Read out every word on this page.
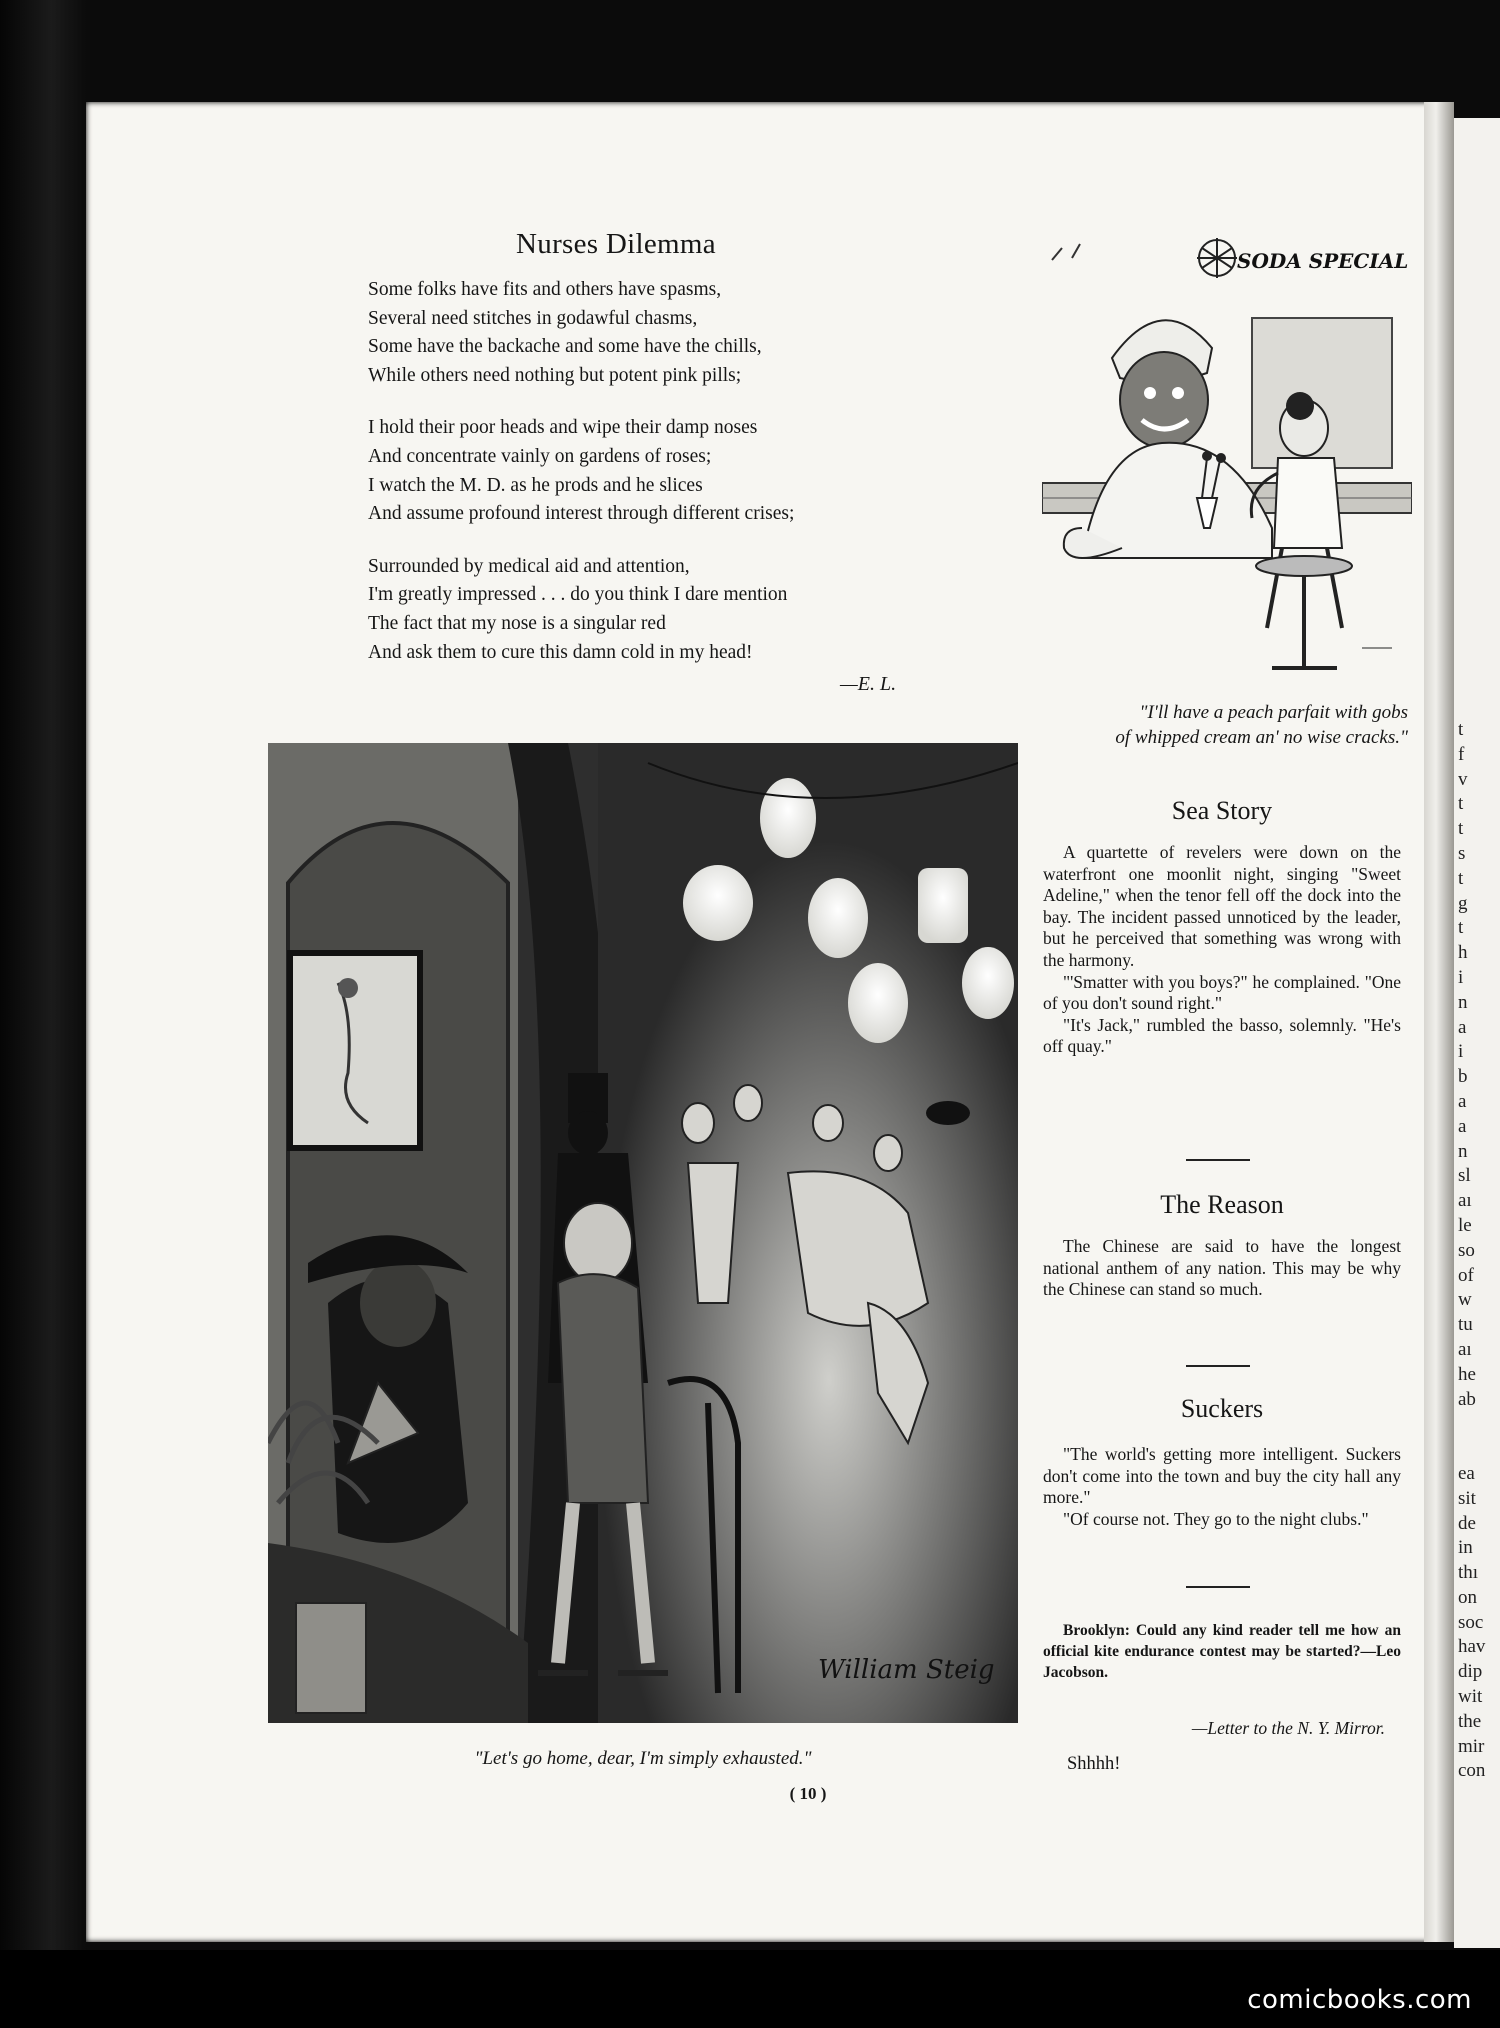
t
f
v
t
t
s
t
g
t
h
i
n
a
i
b
a
a
n
sl
aı
le
so
of
w
tu
aı
he
ab
ea
sit
de
in
thı
on
soc
hav
dip
wit
the
mir
con
Nurses Dilemma
Some folks have fits and others have spasms,
Several need stitches in godawful chasms,
Some have the backache and some have the chills,
While others need nothing but potent pink pills;
I hold their poor heads and wipe their damp noses
And concentrate vainly on gardens of roses;
I watch the M. D. as he prods and he slices
And assume profound interest through different crises;
Surrounded by medical aid and attention,
I'm greatly impressed . . . do you think I dare mention
The fact that my nose is a singular red
And ask them to cure this damn cold in my head!
—E. L.
SODA SPECIAL
"I'll have a peach parfait with gobs
of whipped cream an' no wise cracks."
William Steig
"Let's go home, dear, I'm simply exhausted."
( 10 )
Sea Story

A quartette of revelers were down on the waterfront one moonlit night, singing "Sweet Adeline," when the tenor fell off the dock into the bay. The incident passed unnoticed by the leader, but he perceived that something was wrong with the harmony.

"'Smatter with you boys?" he complained. "One of you don't sound right."

"It's Jack," rumbled the basso, solemnly. "He's off quay."

The Reason

The Chinese are said to have the longest national anthem of any nation. This may be why the Chinese can stand so much.

Suckers

"The world's getting more intelligent. Suckers don't come into the town and buy the city hall any more."

"Of course not. They go to the night clubs."

Brooklyn: Could any kind reader tell me how an official kite endurance contest may be started?—Leo Jacobson.

—Letter to the N. Y. Mirror.
Shhhh!
comicbooks.com
